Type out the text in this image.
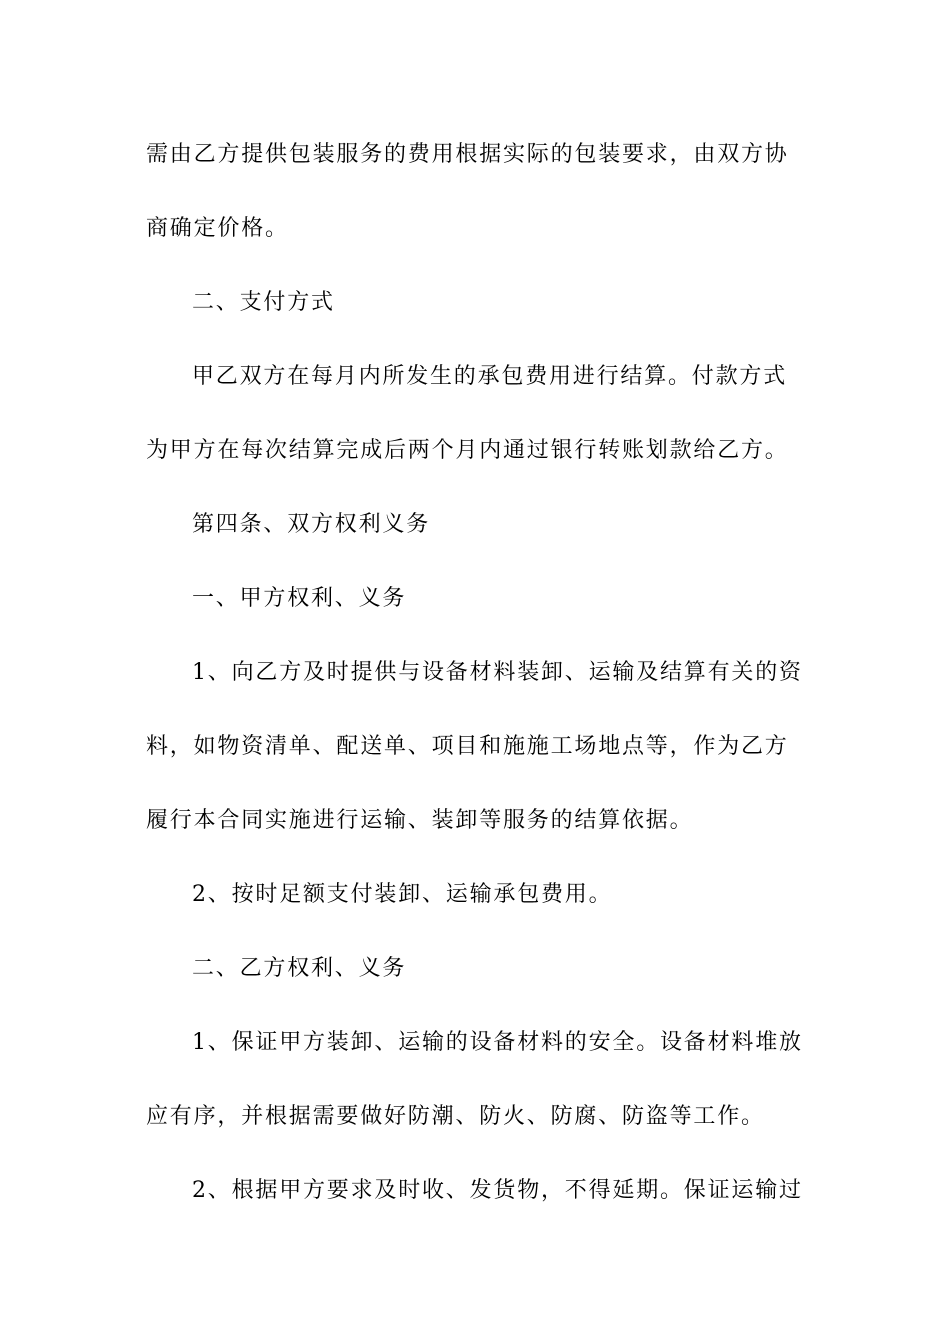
需由乙方提供包装服务的费用根据实际的包装要求，由双方协

商确定价格。

二、支付方式

甲乙双方在每月内所发生的承包费用进行结算。付款方式

为甲方在每次结算完成后两个月内通过银行转账划款给乙方。

第四条、双方权利义务

一、甲方权利、义务

1、向乙方及时提供与设备材料装卸、运输及结算有关的资

料，如物资清单、配送单、项目和施施工场地点等，作为乙方

履行本合同实施进行运输、装卸等服务的结算依据。

2、按时足额支付装卸、运输承包费用。

二、乙方权利、义务

1、保证甲方装卸、运输的设备材料的安全。设备材料堆放

应有序，并根据需要做好防潮、防火、防腐、防盗等工作。

2、根据甲方要求及时收、发货物，不得延期。保证运输过
